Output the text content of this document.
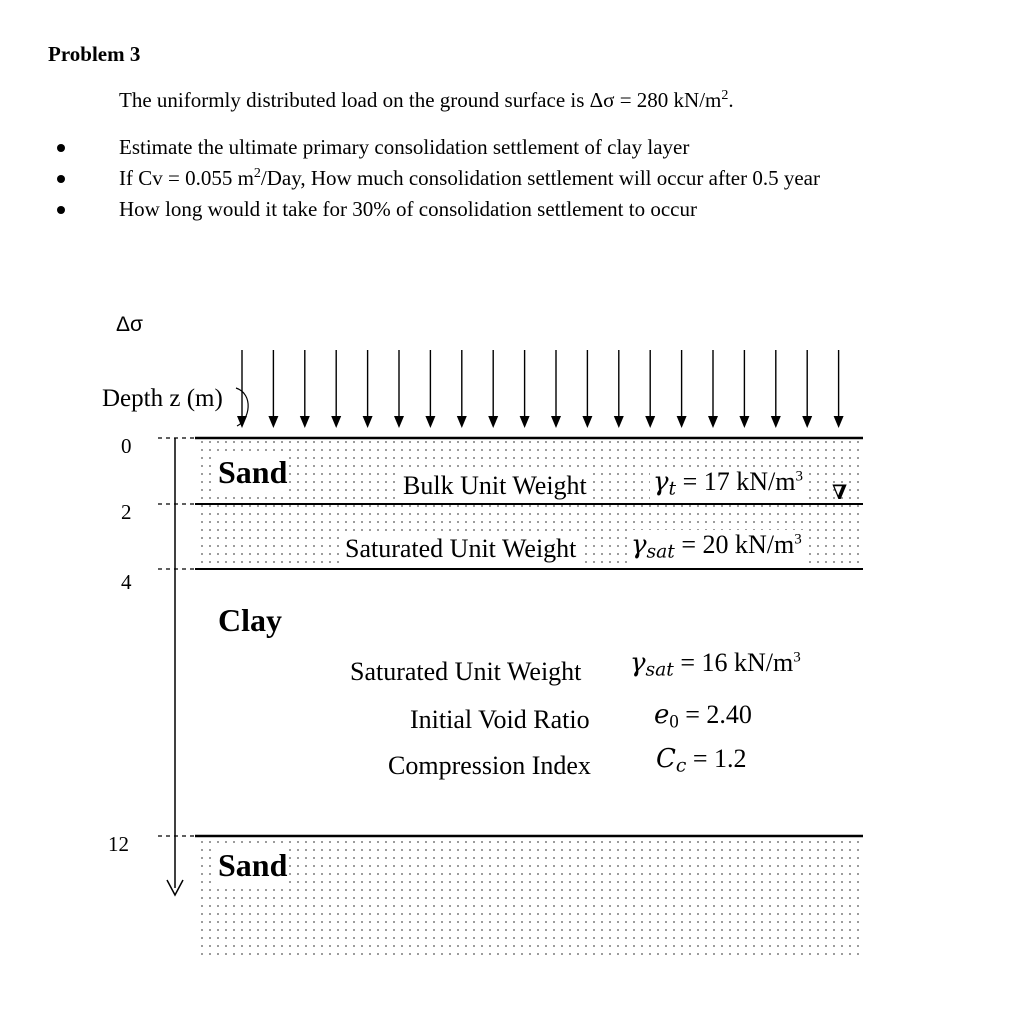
Problem 3
The uniformly distributed load on the ground surface is Δσ = 280 $kN/m^2$.
Estimate the ultimate primary consolidation settlement of clay layer
If Cv = 0.055 $m^2$/Day, How much consolidation settlement will occur after 0.5 year
How long would it take for 30% of consolidation settlement to occur
Δσ
Depth z (m)
0
2
4
12
Sand	Bulk Unit Weight	$\gamma_t = 17$ $kN/m^3$
∇
Saturated Unit Weight $\gamma_{sat} = 20$ $kN/m^3$
Clay
Saturated Unit Weight $\gamma_{sat} = 16$ $kN/m^3$
Initial Void Ratio $e_0 = 2.40$
Compression Index	$C_c = 1.2$
Sand
